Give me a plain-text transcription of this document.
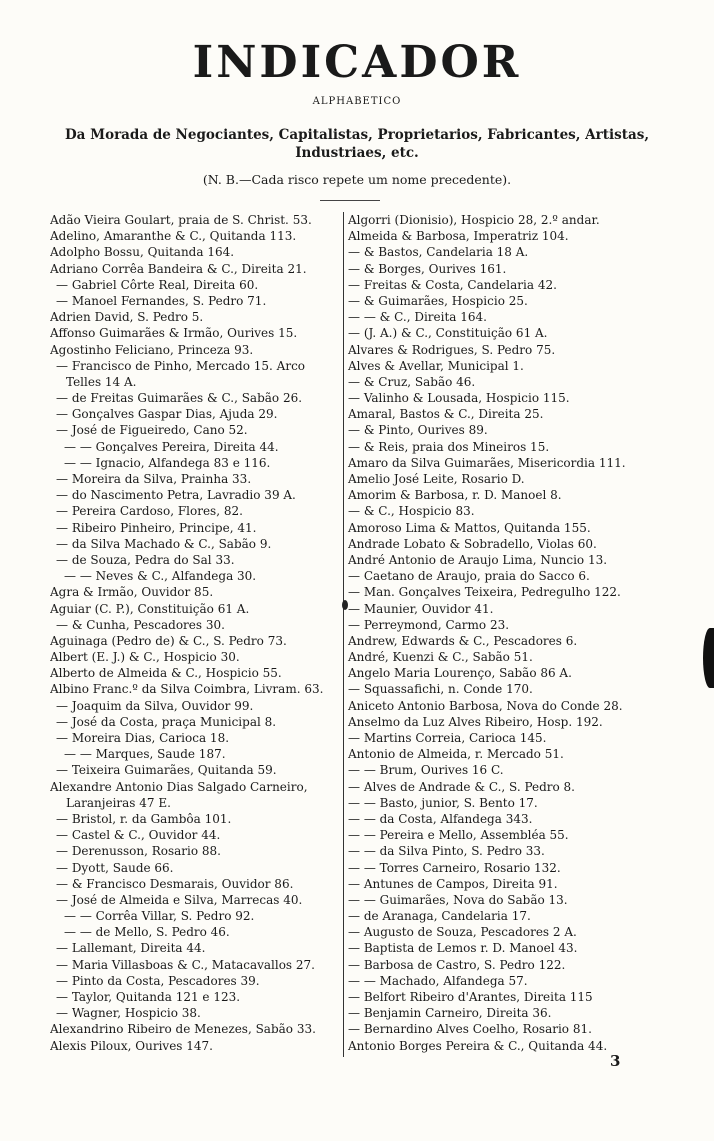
INDICADOR
ALPHABETICO
Da Morada de Negociantes, Capitalistas, Proprietarios, Fabricantes, Artistas, Industriaes, etc.
(N. B.—Cada risco repete um nome precedente).
Adão Vieira Goulart, praia de S. Christ. 53.
Adelino, Amaranthe & C., Quitanda 113.
Adolpho Bossu, Quitanda 164.
Adriano Corrêa Bandeira & C., Direita 21.
— Gabriel Côrte Real, Direita 60.
— Manoel Fernandes, S. Pedro 71.
Adrien David, S. Pedro 5.
Affonso Guimarães & Irmão, Ourives 15.
Agostinho Feliciano, Princeza 93.
— Francisco de Pinho, Mercado 15. Arco
Telles 14 A.
— de Freitas Guimarães & C., Sabão 26.
— Gonçalves Gaspar Dias, Ajuda 29.
— José de Figueiredo, Cano 52.
— — Gonçalves Pereira, Direita 44.
— — Ignacio, Alfandega 83 e 116.
— Moreira da Silva, Prainha 33.
— do Nascimento Petra, Lavradio 39 A.
— Pereira Cardoso, Flores, 82.
— Ribeiro Pinheiro, Principe, 41.
— da Silva Machado & C., Sabão 9.
— de Souza, Pedra do Sal 33.
— — Neves & C., Alfandega 30.
Agra & Irmão, Ouvidor 85.
Aguiar (C. P.), Constituição 61 A.
— & Cunha, Pescadores 30.
Aguinaga (Pedro de) & C., S. Pedro 73.
Albert (E. J.) & C., Hospicio 30.
Alberto de Almeida & C., Hospicio 55.
Albino Franc.º da Silva Coimbra, Livram. 63.
— Joaquim da Silva, Ouvidor 99.
— José da Costa, praça Municipal 8.
— Moreira Dias, Carioca 18.
— — Marques, Saude 187.
— Teixeira Guimarães, Quitanda 59.
Alexandre Antonio Dias Salgado Carneiro,
Laranjeiras 47 E.
— Bristol, r. da Gambôa 101.
— Castel & C., Ouvidor 44.
— Derenusson, Rosario 88.
— Dyott, Saude 66.
— & Francisco Desmarais, Ouvidor 86.
— José de Almeida e Silva, Marrecas 40.
— — Corrêa Villar, S. Pedro 92.
— — de Mello, S. Pedro 46.
— Lallemant, Direita 44.
— Maria Villasboas & C., Matacavallos 27.
— Pinto da Costa, Pescadores 39.
— Taylor, Quitanda 121 e 123.
— Wagner, Hospicio 38.
Alexandrino Ribeiro de Menezes, Sabão 33.
Alexis Piloux, Ourives 147.
Algorri (Dionisio), Hospicio 28, 2.º andar.
Almeida & Barbosa, Imperatriz 104.
— & Bastos, Candelaria 18 A.
— & Borges, Ourives 161.
— Freitas & Costa, Candelaria 42.
— & Guimarães, Hospicio 25.
— — & C., Direita 164.
— (J. A.) & C., Constituição 61 A.
Alvares & Rodrigues, S. Pedro 75.
Alves & Avellar, Municipal 1.
— & Cruz, Sabão 46.
— Valinho & Lousada, Hospicio 115.
Amaral, Bastos & C., Direita 25.
— & Pinto, Ourives 89.
— & Reis, praia dos Mineiros 15.
Amaro da Silva Guimarães, Misericordia 111.
Amelio José Leite, Rosario D.
Amorim & Barbosa, r. D. Manoel 8.
— & C., Hospicio 83.
Amoroso Lima & Mattos, Quitanda 155.
Andrade Lobato & Sobradello, Violas 60.
André Antonio de Araujo Lima, Nuncio 13.
— Caetano de Araujo, praia do Sacco 6.
— Man. Gonçalves Teixeira, Pedregulho 122.
— Maunier, Ouvidor 41.
— Perreymond, Carmo 23.
Andrew, Edwards & C., Pescadores 6.
André, Kuenzi & C., Sabão 51.
Angelo Maria Lourenço, Sabão 86 A.
— Squassafichi, n. Conde 170.
Aniceto Antonio Barbosa, Nova do Conde 28.
Anselmo da Luz Alves Ribeiro, Hosp. 192.
— Martins Correia, Carioca 145.
Antonio de Almeida, r. Mercado 51.
— — Brum, Ourives 16 C.
— Alves de Andrade & C., S. Pedro 8.
— — Basto, junior, S. Bento 17.
— — da Costa, Alfandega 343.
— — Pereira e Mello, Assembléa 55.
— — da Silva Pinto, S. Pedro 33.
— — Torres Carneiro, Rosario 132.
— Antunes de Campos, Direita 91.
— — Guimarães, Nova do Sabão 13.
— de Aranaga, Candelaria 17.
— Augusto de Souza, Pescadores 2 A.
— Baptista de Lemos r. D. Manoel 43.
— Barbosa de Castro, S. Pedro 122.
— — Machado, Alfandega 57.
— Belfort Ribeiro d'Arantes, Direita 115
— Benjamin Carneiro, Direita 36.
— Bernardino Alves Coelho, Rosario 81.
Antonio Borges Pereira & C., Quitanda 44.
3
